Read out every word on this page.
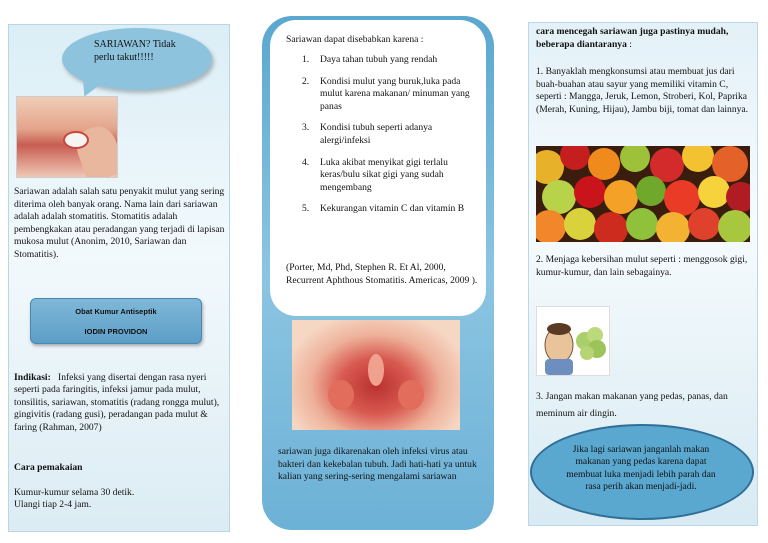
SARIAWAN? Tidak perlu takut!!!!!
Sariawan adalah salah satu penyakit mulut yang sering diterima oleh banyak orang. Nama lain dari sariawan adalah adalah stomatitis. Stomatitis adalah pembengkakan atau peradangan yang terjadi di lapisan mukosa mulut (Anonim, 2010, Sariawan dan Stomatitis).
Obat Kumur Antiseptik
IODIN PROVIDON
Indikasi: Infeksi yang disertai dengan rasa nyeri seperti pada faringitis, infeksi jamur pada mulut, tonsilitis, sariawan, stomatitis (radang rongga mulut), gingivitis (radang gusi), peradangan pada mulut & faring (Rahman, 2007)
Cara pemakaian
Kumur-kumur selama 30 detik.
Ulangi tiap 2-4 jam.
Sariawan dapat disebabkan karena :
1. Daya tahan tubuh yang rendah
2. Kondisi mulut yang buruk,luka pada mulut karena makanan/ minuman yang panas
3. Kondisi tubuh seperti adanya alergi/infeksi
4. Luka akibat menyikat gigi terlalu keras/bulu sikat gigi yang sudah mengembang
5. Kekurangan vitamin C dan vitamin B
(Porter, Md, Phd, Stephen R. Et Al, 2000, Recurrent Aphthous Stomatitis. Americas, 2009 ).
sariawan juga dikarenakan oleh infeksi virus atau bakteri dan kekebalan tubuh. Jadi hati-hati ya untuk kalian yang sering-sering mengalami sariawan
cara mencegah sariawan juga pastinya mudah, beberapa diantaranya :
1. Banyaklah mengkonsumsi atau membuat jus dari buah-buahan atau sayur yang memiliki vitamin C, seperti : Mangga, Jeruk, Lemon, Stroberi, Kol, Paprika (Merah, Kuning, Hijau), Jambu biji, tomat dan lainnya.
2. Menjaga kebersihan mulut seperti : menggosok gigi, kumur-kumur, dan lain sebagainya.
3. Jangan makan makanan yang pedas, panas, dan meminum air dingin.
Jika lagi sariawan janganlah makan makanan yang pedas karena dapat membuat luka menjadi lebih parah dan rasa perih akan menjadi-jadi.
